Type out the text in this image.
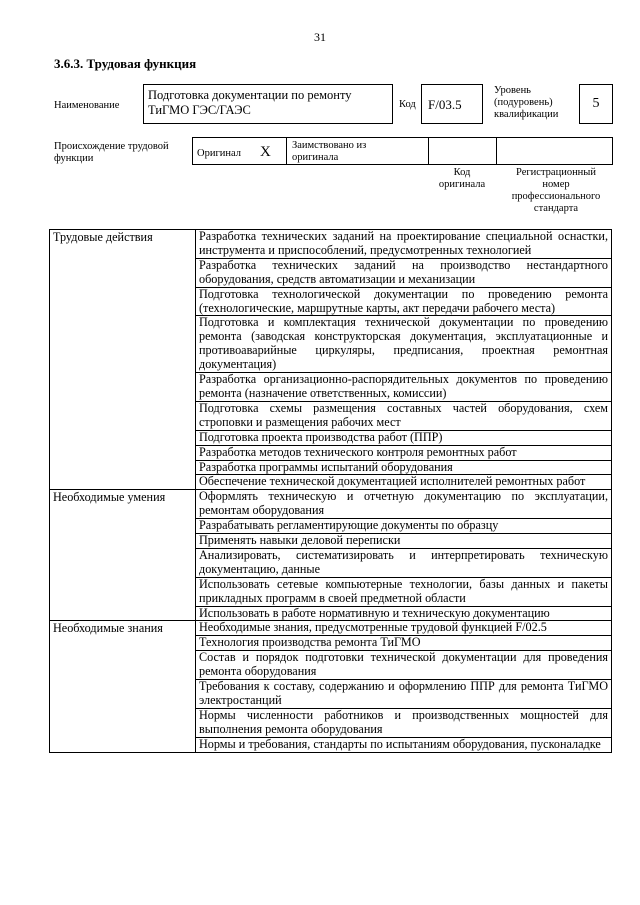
31
3.6.3. Трудовая функция
Наименование
Подготовка документации по ремонту
ТиГМО ГЭС/ГАЭС	Код F/03.5
Уровень
(подуровень)
квалификации
5
Происхождение трудовой
функции	Оригинал X Заимствовано из
оригинала
Код
оригинала
Регистрационный
номер
профессионального
стандарта
Трудовые действия	Разработка технических заданий на проектирование специальной оснастки, инструмента и приспособлений, предусмотренных технологией
	Разработка технических заданий на производство нестандартного оборудования, средств автоматизации и механизации
	Подготовка технологической документации по проведению ремонта (технологические, маршрутные карты, акт передачи рабочего места)
	Подготовка и комплектация технической документации по проведению ремонта (заводская конструкторская документация, эксплуатационные и противоаварийные циркуляры, предписания, проектная ремонтная документация)
	Разработка организационно-распорядительных документов по проведению ремонта (назначение ответственных, комиссии)
	Подготовка схемы размещения составных частей оборудования, схем строповки и размещения рабочих мест
	Подготовка проекта производства работ (ППР)
	Разработка методов технического контроля ремонтных работ
	Разработка программы испытаний оборудования
	Обеспечение технической документацией исполнителей ремонтных работ
Необходимые умения	Оформлять техническую и отчетную документацию по эксплуатации, ремонтам оборудования
	Разрабатывать регламентирующие документы по образцу
	Применять навыки деловой переписки
	Анализировать, систематизировать и интерпретировать техническую документацию, данные
	Использовать сетевые компьютерные технологии, базы данных и пакеты прикладных программ в своей предметной области
	Использовать в работе нормативную и техническую документацию
Необходимые знания	Необходимые знания, предусмотренные трудовой функцией F/02.5
	Технология производства ремонта ТиГМО
	Состав и порядок подготовки технической документации для проведения ремонта оборудования
	Требования к составу, содержанию и оформлению ППР для ремонта ТиГМО электростанций
	Нормы численности работников и производственных мощностей для выполнения ремонта оборудования
	Нормы и требования, стандарты по испытаниям оборудования, пусконаладке
